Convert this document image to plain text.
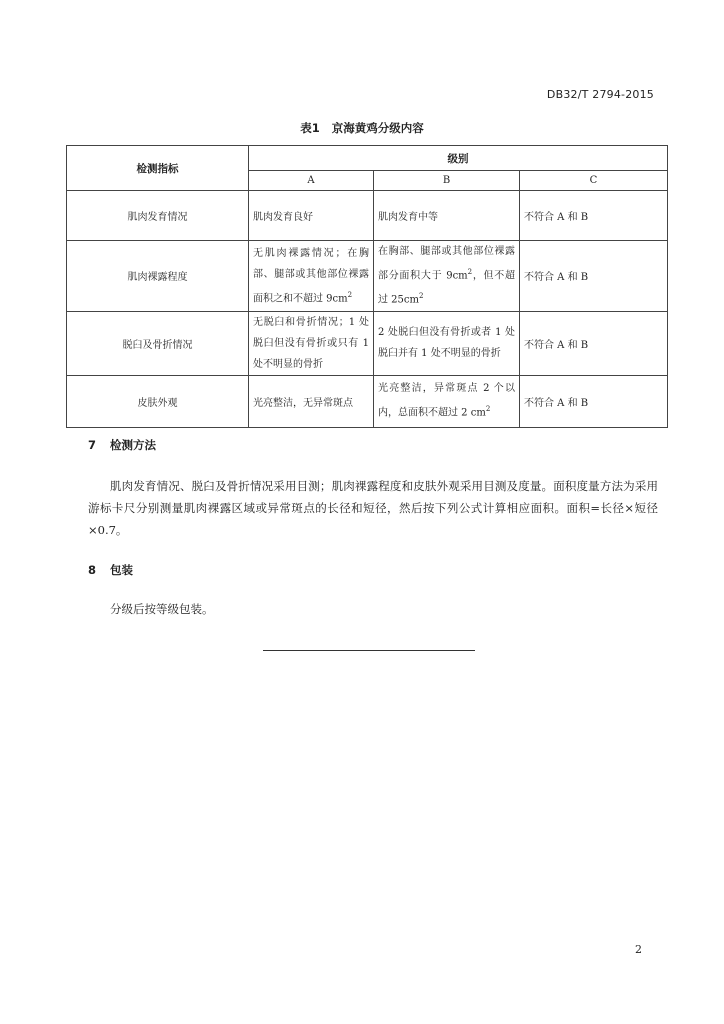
DB32/T 2794-2015
表1 京海黄鸡分级内容
检测指标	级别		
	A	B	C
肌肉发育情况	肌肉发育良好	肌肉发育中等	不符合 A 和 B
肌肉裸露程度	无肌肉裸露情况；在胸部、腿部或其他部位裸露面积之和不超过 $9cm^2$	在胸部、腿部或其他部位裸露部分面积大于 $9cm^2$，但不超过 $25cm^2$	不符合 A 和 B
脱臼及骨折情况	无脱臼和骨折情况；1 处脱臼但没有骨折或只有 1 处不明显的骨折	2 处脱臼但没有骨折或者 1 处脱臼并有 1 处不明显的骨折	不符合 A 和 B
皮肤外观	光亮整洁，无异常斑点	光亮整洁，异常斑点 2 个以内，总面积不超过 2 $cm^2$	不符合 A 和 B
7 检测方法
肌肉发育情况、脱臼及骨折情况采用目测；肌肉裸露程度和皮肤外观采用目测及度量。面积度量方法为采用游标卡尺分别测量肌肉裸露区域或异常斑点的长径和短径，然后按下列公式计算相应面积。面积=长径×短径×0.7。
8 包装
分级后按等级包装。
2
